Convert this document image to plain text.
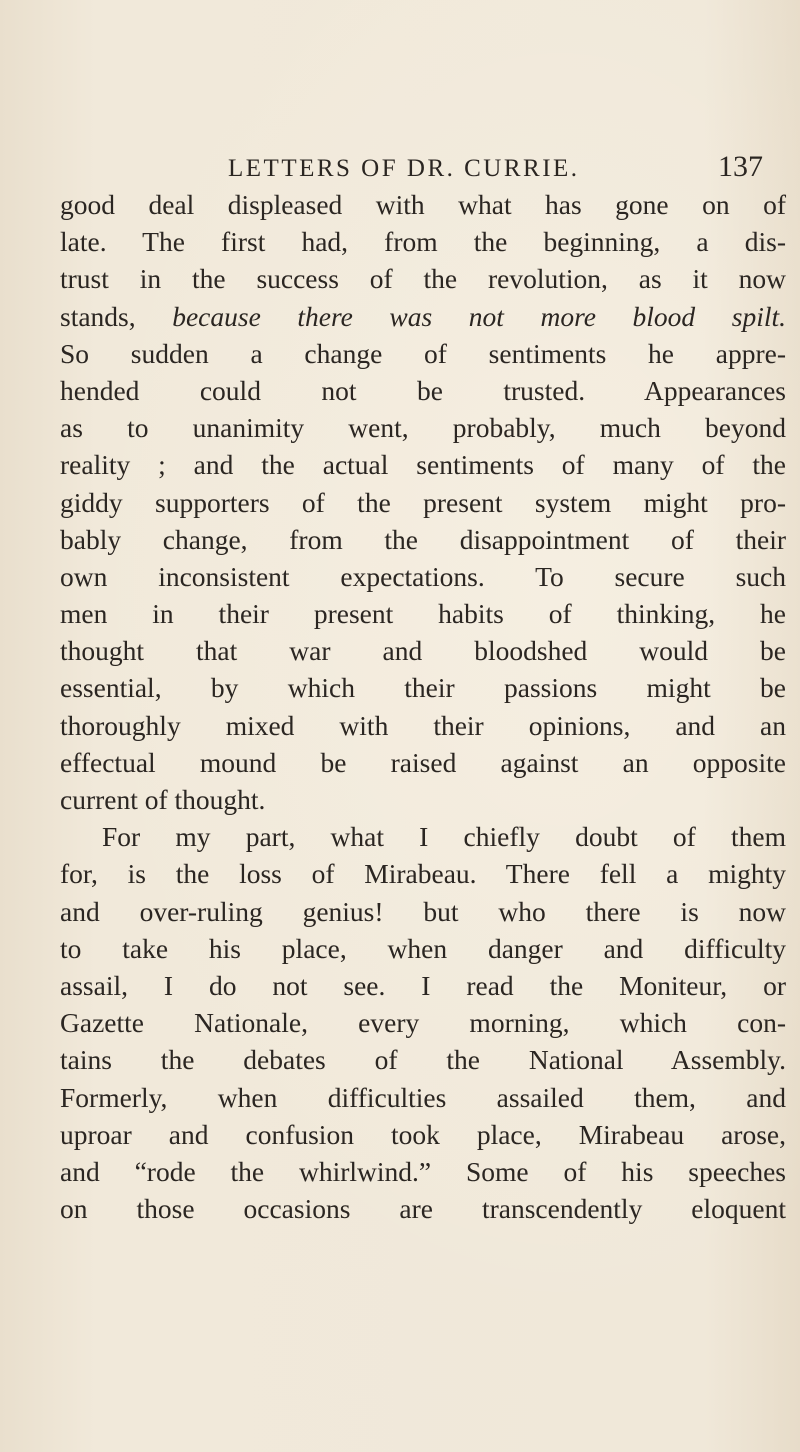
LETTERS OF DR. CURRIE.	137
good deal displeased with what has gone on of
late. The first had, from the beginning, a dis-
trust in the success of the revolution, as it now
stands, because there was not more blood spilt.
So sudden a change of sentiments he appre-
hended could not be trusted. Appearances
as to unanimity went, probably, much beyond
reality ; and the actual sentiments of many of the
giddy supporters of the present system might pro-
bably change, from the disappointment of their
own inconsistent expectations. To secure such
men in their present habits of thinking, he
thought that war and bloodshed would be
essential, by which their passions might be
thoroughly mixed with their opinions, and an
effectual mound be raised against an opposite
current of thought.
For my part, what I chiefly doubt of them
for, is the loss of Mirabeau. There fell a mighty
and over-ruling genius! but who there is now
to take his place, when danger and difficulty
assail, I do not see. I read the Moniteur, or
Gazette Nationale, every morning, which con-
tains the debates of the National Assembly.
Formerly, when difficulties assailed them, and
uproar and confusion took place, Mirabeau arose,
and “rode the whirlwind.” Some of his speeches
on those occasions are transcendently eloquent
